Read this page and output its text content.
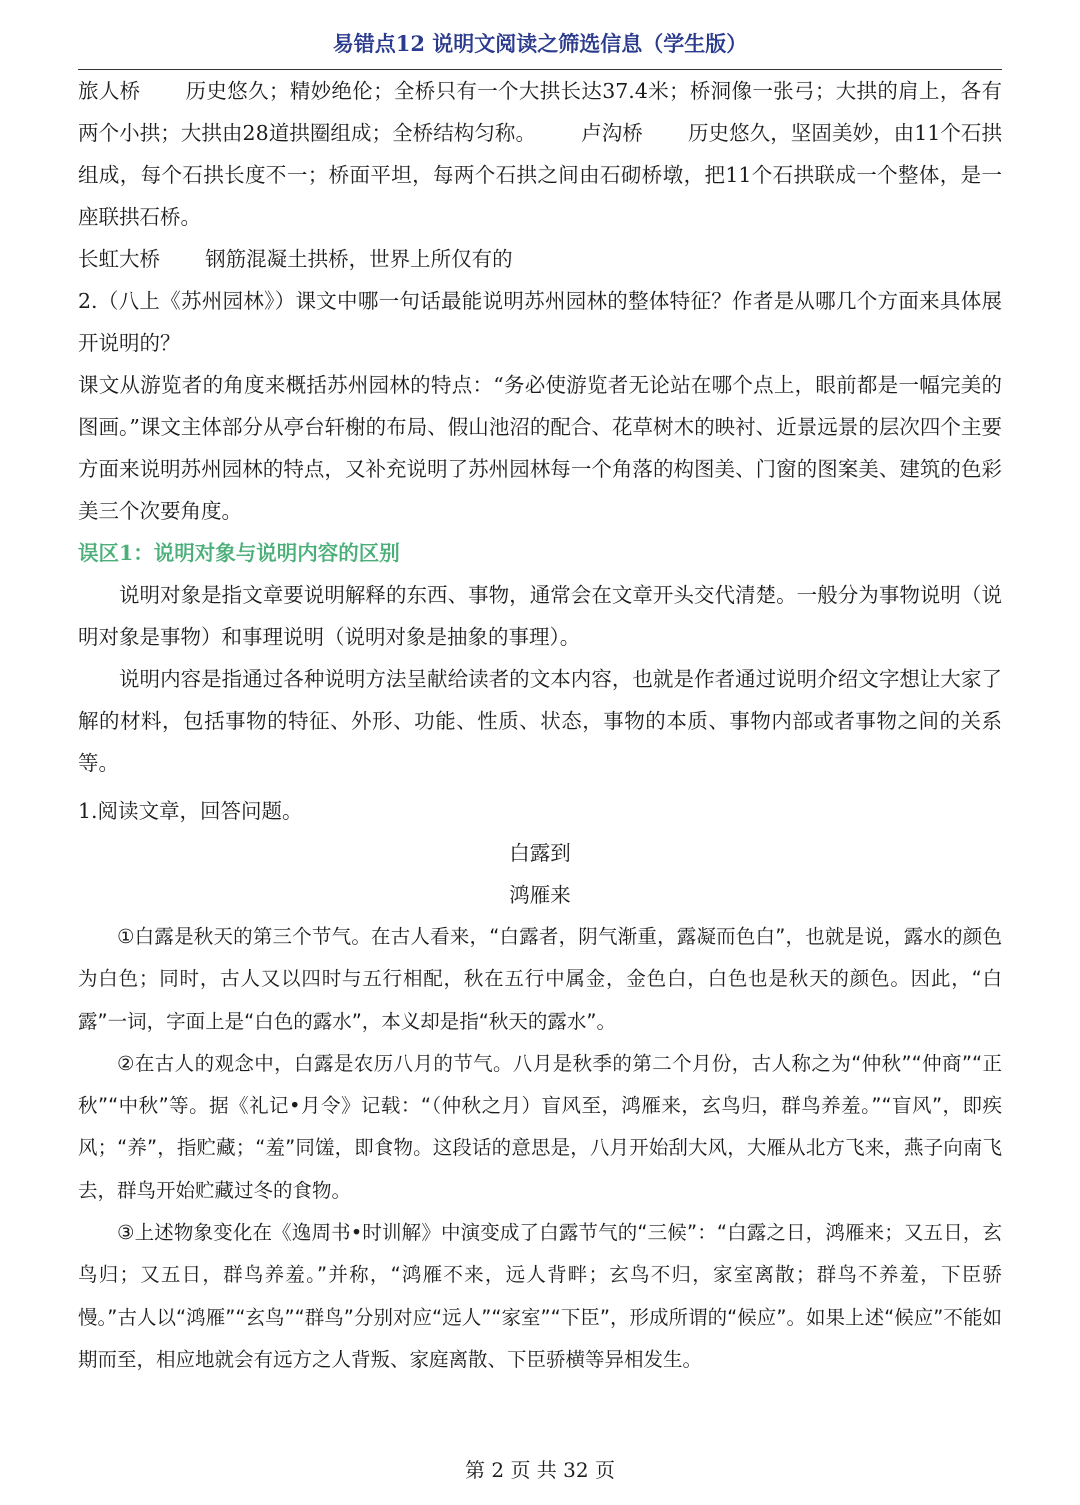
易错点12 说明文阅读之筛选信息（学生版）

旅人桥 历史悠久；精妙绝伦；全桥只有一个大拱长达37.4米；桥洞像一张弓；大拱的肩上，各有两个小拱；大拱由28道拱圈组成；全桥结构匀称。 卢沟桥 历史悠久，坚固美妙，由11个石拱组成，每个石拱长度不一；桥面平坦，每两个石拱之间由石砌桥墩，把11个石拱联成一个整体，是一座联拱石桥。

长虹大桥 钢筋混凝土拱桥，世界上所仅有的

2.（八上《苏州园林》）课文中哪一句话最能说明苏州园林的整体特征？作者是从哪几个方面来具体展开说明的？

课文从游览者的角度来概括苏州园林的特点：“务必使游览者无论站在哪个点上，眼前都是一幅完美的图画。”课文主体部分从亭台轩榭的布局、假山池沼的配合、花草树木的映衬、近景远景的层次四个主要方面来说明苏州园林的特点，又补充说明了苏州园林每一个角落的构图美、门窗的图案美、建筑的色彩美三个次要角度。

误区1：说明对象与说明内容的区别

说明对象是指文章要说明解释的东西、事物，通常会在文章开头交代清楚。一般分为事物说明（说明对象是事物）和事理说明（说明对象是抽象的事理）。

说明内容是指通过各种说明方法呈献给读者的文本内容，也就是作者通过说明介绍文字想让大家了解的材料，包括事物的特征、外形、功能、性质、状态，事物的本质、事物内部或者事物之间的关系等。

1.阅读文章，回答问题。

白露到

鸿雁来

①白露是秋天的第三个节气。在古人看来，“白露者，阴气渐重，露凝而色白”，也就是说，露水的颜色为白色；同时，古人又以四时与五行相配，秋在五行中属金，金色白，白色也是秋天的颜色。因此，“白露”一词，字面上是“白色的露水”，本义却是指“秋天的露水”。

②在古人的观念中，白露是农历八月的节气。八月是秋季的第二个月份，古人称之为“仲秋”“仲商”“正秋”“中秋”等。据《礼记•月令》记载：“（仲秋之月）盲风至，鸿雁来，玄鸟归，群鸟养羞。”“盲风”，即疾风；“养”，指贮藏；“羞”同馐，即食物。这段话的意思是，八月开始刮大风，大雁从北方飞来，燕子向南飞去，群鸟开始贮藏过冬的食物。

③上述物象变化在《逸周书•时训解》中演变成了白露节气的“三候”：“白露之日，鸿雁来；又五日，玄鸟归；又五日，群鸟养羞。”并称，“鸿雁不来，远人背畔；玄鸟不归，家室离散；群鸟不养羞，下臣骄慢。”古人以“鸿雁”“玄鸟”“群鸟”分别对应“远人”“家室”“下臣”，形成所谓的“候应”。如果上述“候应”不能如期而至，相应地就会有远方之人背叛、家庭离散、下臣骄横等异相发生。

第 2 页 共 32 页
